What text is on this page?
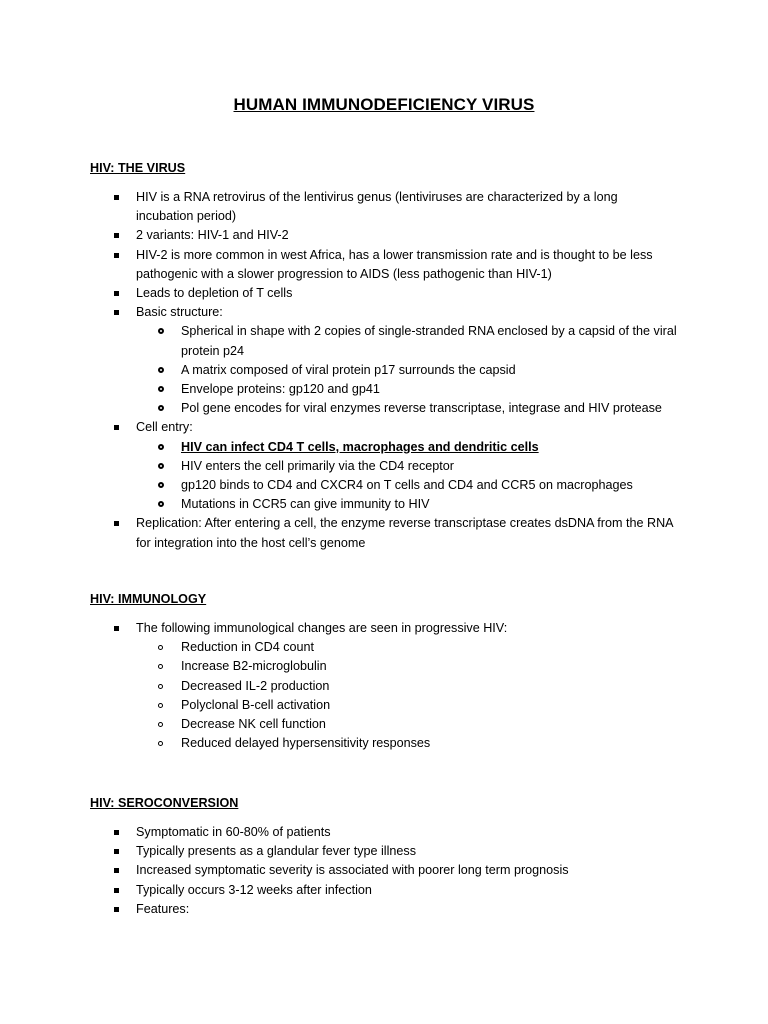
HUMAN IMMUNODEFICIENCY VIRUS
HIV: THE VIRUS
HIV is a RNA retrovirus of the lentivirus genus (lentiviruses are characterized by a long incubation period)
2 variants: HIV-1 and HIV-2
HIV-2 is more common in west Africa, has a lower transmission rate and is thought to be less pathogenic with a slower progression to AIDS (less pathogenic than HIV-1)
Leads to depletion of T cells
Basic structure:
Spherical in shape with 2 copies of single-stranded RNA enclosed by a capsid of the viral protein p24
A matrix composed of viral protein p17 surrounds the capsid
Envelope proteins: gp120 and gp41
Pol gene encodes for viral enzymes reverse transcriptase, integrase and HIV protease
Cell entry:
HIV can infect CD4 T cells, macrophages and dendritic cells
HIV enters the cell primarily via the CD4 receptor
gp120 binds to CD4 and CXCR4 on T cells and CD4 and CCR5 on macrophages
Mutations in CCR5 can give immunity to HIV
Replication: After entering a cell, the enzyme reverse transcriptase creates dsDNA from the RNA for integration into the host cell’s genome
HIV: IMMUNOLOGY
The following immunological changes are seen in progressive HIV:
Reduction in CD4 count
Increase B2-microglobulin
Decreased IL-2 production
Polyclonal B-cell activation
Decrease NK cell function
Reduced delayed hypersensitivity responses
HIV: SEROCONVERSION
Symptomatic in 60-80% of patients
Typically presents as a glandular fever type illness
Increased symptomatic severity is associated with poorer long term prognosis
Typically occurs 3-12 weeks after infection
Features:
